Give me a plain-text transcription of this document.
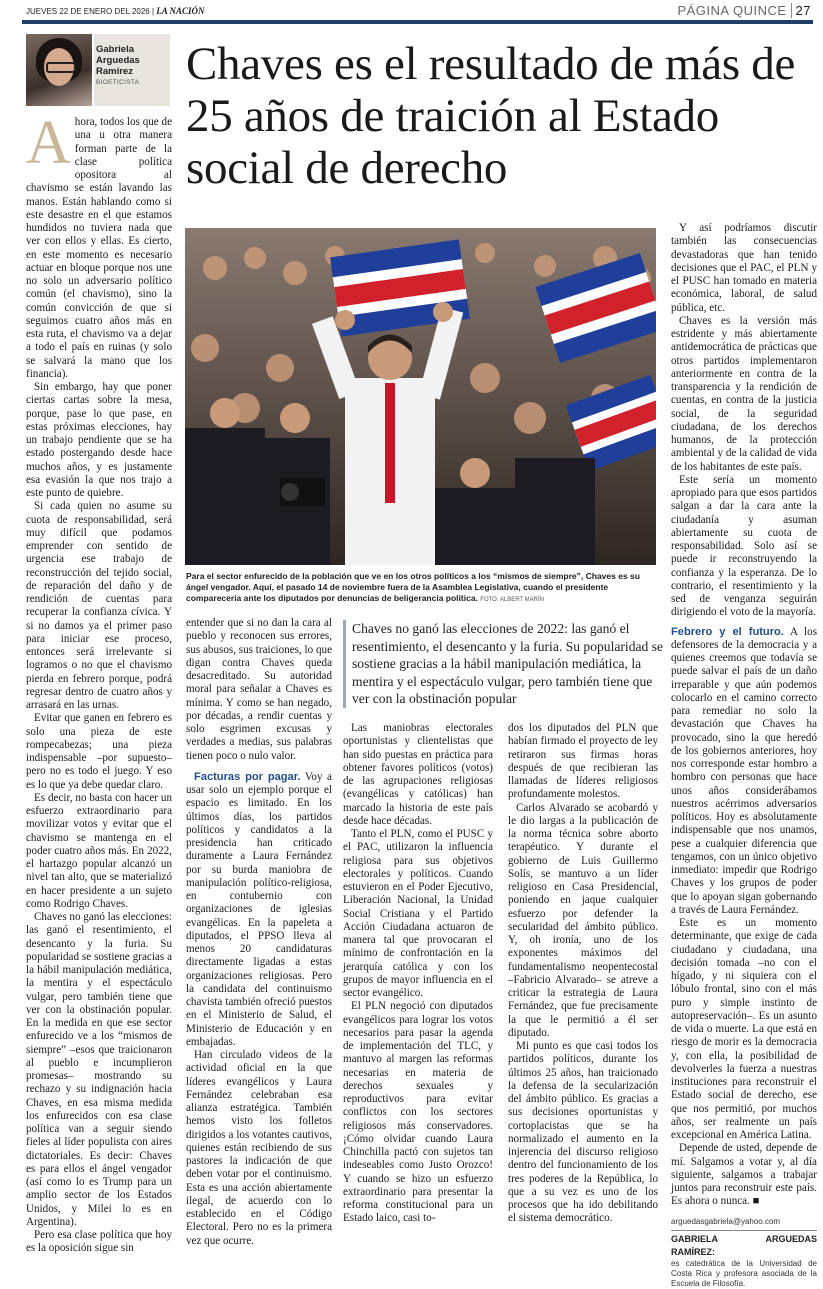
JUEVES 22 DE ENERO DEL 2026 | LA NACIÓN	PÁGINA QUINCE 27
Gabriela Arguedas Ramírez
BIOETICISTA Chaves es el resultado de más de 25 años de traición al Estado social de derecho
Para el sector enfurecido de la población que ve en los otros políticos a los “mismos de siempre”, Chaves es su ángel vengador. Aquí, el pasado 14 de noviembre fuera de la Asamblea Legislativa, cuando el presidente compareceria ante los diputados por denuncias de beligerancia política. FOTO: ALBERT MARÍN

Ahora, todos los que de una u otra manera forman parte de la clase política opositora al chavismo se están lavando las manos. Están hablando como si este desastre en el que estamos hundidos no tuviera nada que ver con ellos y ellas. Es cierto, en este momento es necesario actuar en bloque porque nos une no solo un adversario político común (el chavismo), sino la común convicción de que si seguimos cuatro años más en esta ruta, el chavismo va a dejar a todo el país en ruinas (y solo se salvará la mano que los financia).

Sin embargo, hay que poner ciertas cartas sobre la mesa, porque, pase lo que pase, en estas próximas elecciones, hay un trabajo pendiente que se ha estado postergando desde hace muchos años, y es justamente esa evasión la que nos trajo a este punto de quiebre.

Si cada quien no asume su cuota de responsabilidad, será muy difícil que podamos emprender con sentido de urgencia ese trabajo de reconstrucción del tejido social, de reparación del daño y de rendición de cuentas para recuperar la confianza cívica. Y si no damos ya el primer paso para iniciar ese proceso, entonces será irrelevante si logramos o no que el chavismo pierda en febrero porque, podrá regresar dentro de cuatro años y arrasará en las urnas.

Evitar que ganen en febrero es solo una pieza de este rompecabezas; una pieza indispensable –por supuesto– pero no es todo el juego. Y eso es lo que ya debe quedar claro.

Es decir, no basta con hacer un esfuerzo extraordinario para movilizar votos y evitar que el chavismo se mantenga en el poder cuatro años más. En 2022, el hartazgo popular alcanzó un nivel tan alto, que se materializó en hacer presidente a un sujeto como Rodrigo Chaves.

Chaves no ganó las elecciones: las ganó el resentimiento, el desencanto y la furia. Su popularidad se sostiene gracias a la hábil manipulación mediática, la mentira y el espectáculo vulgar, pero también tiene que ver con la obstinación popular. En la medida en que ese sector enfurecido ve a los “mismos de siempre” –esos que traicionaron al pueblo e incumplieron promesas– mostrando su rechazo y su indignación hacia Chaves, en esa misma medida los enfurecidos con esa clase política van a seguir siendo fieles al líder populista con aires dictatoriales. Es decir: Chaves es para ellos el ángel vengador (así como lo es Trump para un amplio sector de los Estados Unidos, y Milei lo es en Argentina).

Pero esa clase política que hoy es la oposición sigue sin

entender que si no dan la cara al pueblo y reconocen sus errores, sus abusos, sus traiciones, lo que digan contra Chaves queda desacreditado. Su autoridad moral para señalar a Chaves es mínima. Y como se han negado, por décadas, a rendir cuentas y solo esgrimen excusas y verdades a medias, sus palabras tienen poco o nulo valor.

Facturas por pagar. Voy a usar solo un ejemplo porque el espacio es limitado. En los últimos días, los partidos políticos y candidatos a la presidencia han criticado duramente a Laura Fernández por su burda maniobra de manipulación político-religiosa, en contubernio con organizaciones de iglesias evangélicas. En la papeleta a diputados, el PPSO lleva al menos 20 candidaturas directamente ligadas a estas organizaciones religiosas. Pero la candidata del continuismo chavista también ofreció puestos en el Ministerio de Salud, el Ministerio de Educación y en embajadas.

Han circulado videos de la actividad oficial en la que líderes evangélicos y Laura Fernández celebraban esa alianza estratégica. También hemos visto los folletos dirigidos a los votantes cautivos, quienes están recibiendo de sus pastores la indicación de que deben votar por el continuismo. Esta es una acción abiertamente ilegal, de acuerdo con lo establecido en el Código Electoral. Pero no es la primera vez que ocurre.

Chaves no ganó las elecciones de 2022: las ganó el resentimiento, el desencanto y la furia. Su popularidad se sostiene gracias a la hábil manipulación mediática, la mentira y el espectáculo vulgar, pero también tiene que ver con la obstinación popular

Las maniobras electorales oportunistas y clientelistas que han sido puestas en práctica para obtener favores políticos (votos) de las agrupaciones religiosas (evangélicas y católicas) han marcado la historia de este país desde hace décadas.

Tanto el PLN, como el PUSC y el PAC, utilizaron la influencia religiosa para sus objetivos electorales y políticos. Cuando estuvieron en el Poder Ejecutivo, Liberación Nacional, la Unidad Social Cristiana y el Partido Acción Ciudadana actuaron de manera tal que provocaran el mínimo de confrontación en la jerarquía católica y con los grupos de mayor influencia en el sector evangélico.

El PLN negoció con diputados evangélicos para lograr los votos necesarios para pasar la agenda de implementación del TLC, y mantuvo al margen las reformas necesarias en materia de derechos sexuales y reproductivos para evitar conflictos con los sectores religiosos más conservadores. ¡Cómo olvidar cuando Laura Chinchilla pactó con sujetos tan indeseables como Justo Orozco! Y cuando se hizo un esfuerzo extraordinario para presentar la reforma constitucional para un Estado laico, casi to-

dos los diputados del PLN que habían firmado el proyecto de ley retiraron sus firmas horas después de que recibieran las llamadas de líderes religiosos profundamente molestos.

Carlos Alvarado se acobardó y le dio largas a la publicación de la norma técnica sobre aborto terapéutico. Y durante el gobierno de Luis Guillermo Solís, se mantuvo a un líder religioso en Casa Presidencial, poniendo en jaque cualquier esfuerzo por defender la secularidad del ámbito público. Y, oh ironía, uno de los exponentes máximos del fundamentalismo neopentecostal –Fabricio Alvarado– se atreve a criticar la estrategia de Laura Fernández, que fue precisamente la que le permitió a él ser diputado.

Mi punto es que casi todos los partidos políticos, durante los últimos 25 años, han traicionado la defensa de la secularización del ámbito público. Es gracias a sus decisiones oportunistas y cortoplacistas que se ha normalizado el aumento en la injerencia del discurso religioso dentro del funcionamiento de los tres poderes de la República, lo que a su vez es uno de los procesos que ha ido debilitando el sistema democrático.

Y así podríamos discutir también las consecuencias devastadoras que han tenido decisiones que el PAC, el PLN y el PUSC han tomado en materia económica, laboral, de salud pública, etc.

Chaves es la versión más estridente y más abiertamente antidemocrática de prácticas que otros partidos implementaron anteriormente en contra de la transparencia y la rendición de cuentas, en contra de la justicia social, de la seguridad ciudadana, de los derechos humanos, de la protección ambiental y de la calidad de vida de los habitantes de este país.

Este sería un momento apropiado para que esos partidos salgan a dar la cara ante la ciudadanía y asuman abiertamente su cuota de responsabilidad. Solo así se puede ir reconstruyendo la confianza y la esperanza. De lo contrario, el resentimiento y la sed de venganza seguirán dirigiendo el voto de la mayoría.

Febrero y el futuro. A los defensores de la democracia y a quienes creemos que todavía se puede salvar el país de un daño irreparable y que aún podemos colocarlo en el camino correcto para remediar no solo la devastación que Chaves ha provocado, sino la que heredó de los gobiernos anteriores, hoy nos corresponde estar hombro a hombro con personas que hace unos años considerábamos nuestros acérrimos adversarios políticos. Hoy es absolutamente indispensable que nos unamos, pese a cualquier diferencia que tengamos, con un único objetivo inmediato: impedir que Rodrigo Chaves y los grupos de poder que lo apoyan sigan gobernando a través de Laura Fernández.

Este es un momento determinante, que exige de cada ciudadano y ciudadana, una decisión tomada –no con el hígado, y ni siquiera con el lóbulo frontal, sino con el más puro y simple instinto de autopreservación–. Es un asunto de vida o muerte. La que está en riesgo de morir es la democracia y, con ella, la posibilidad de devolverles la fuerza a nuestras instituciones para reconstruir el Estado social de derecho, ese que nos permitió, por muchos años, ser realmente un país excepcional en América Latina.

Depende de usted, depende de mí. Salgamos a votar y, al día siguiente, salgamos a trabajar juntos para reconstruir este país. Es ahora o nunca. ■

arguedasgabriela@yahoo.com
GABRIELA ARGUEDAS RAMÍREZ:
es catedrática de la Universidad de Costa Rica y profesora asociada de la Escuela de Filosofía.
